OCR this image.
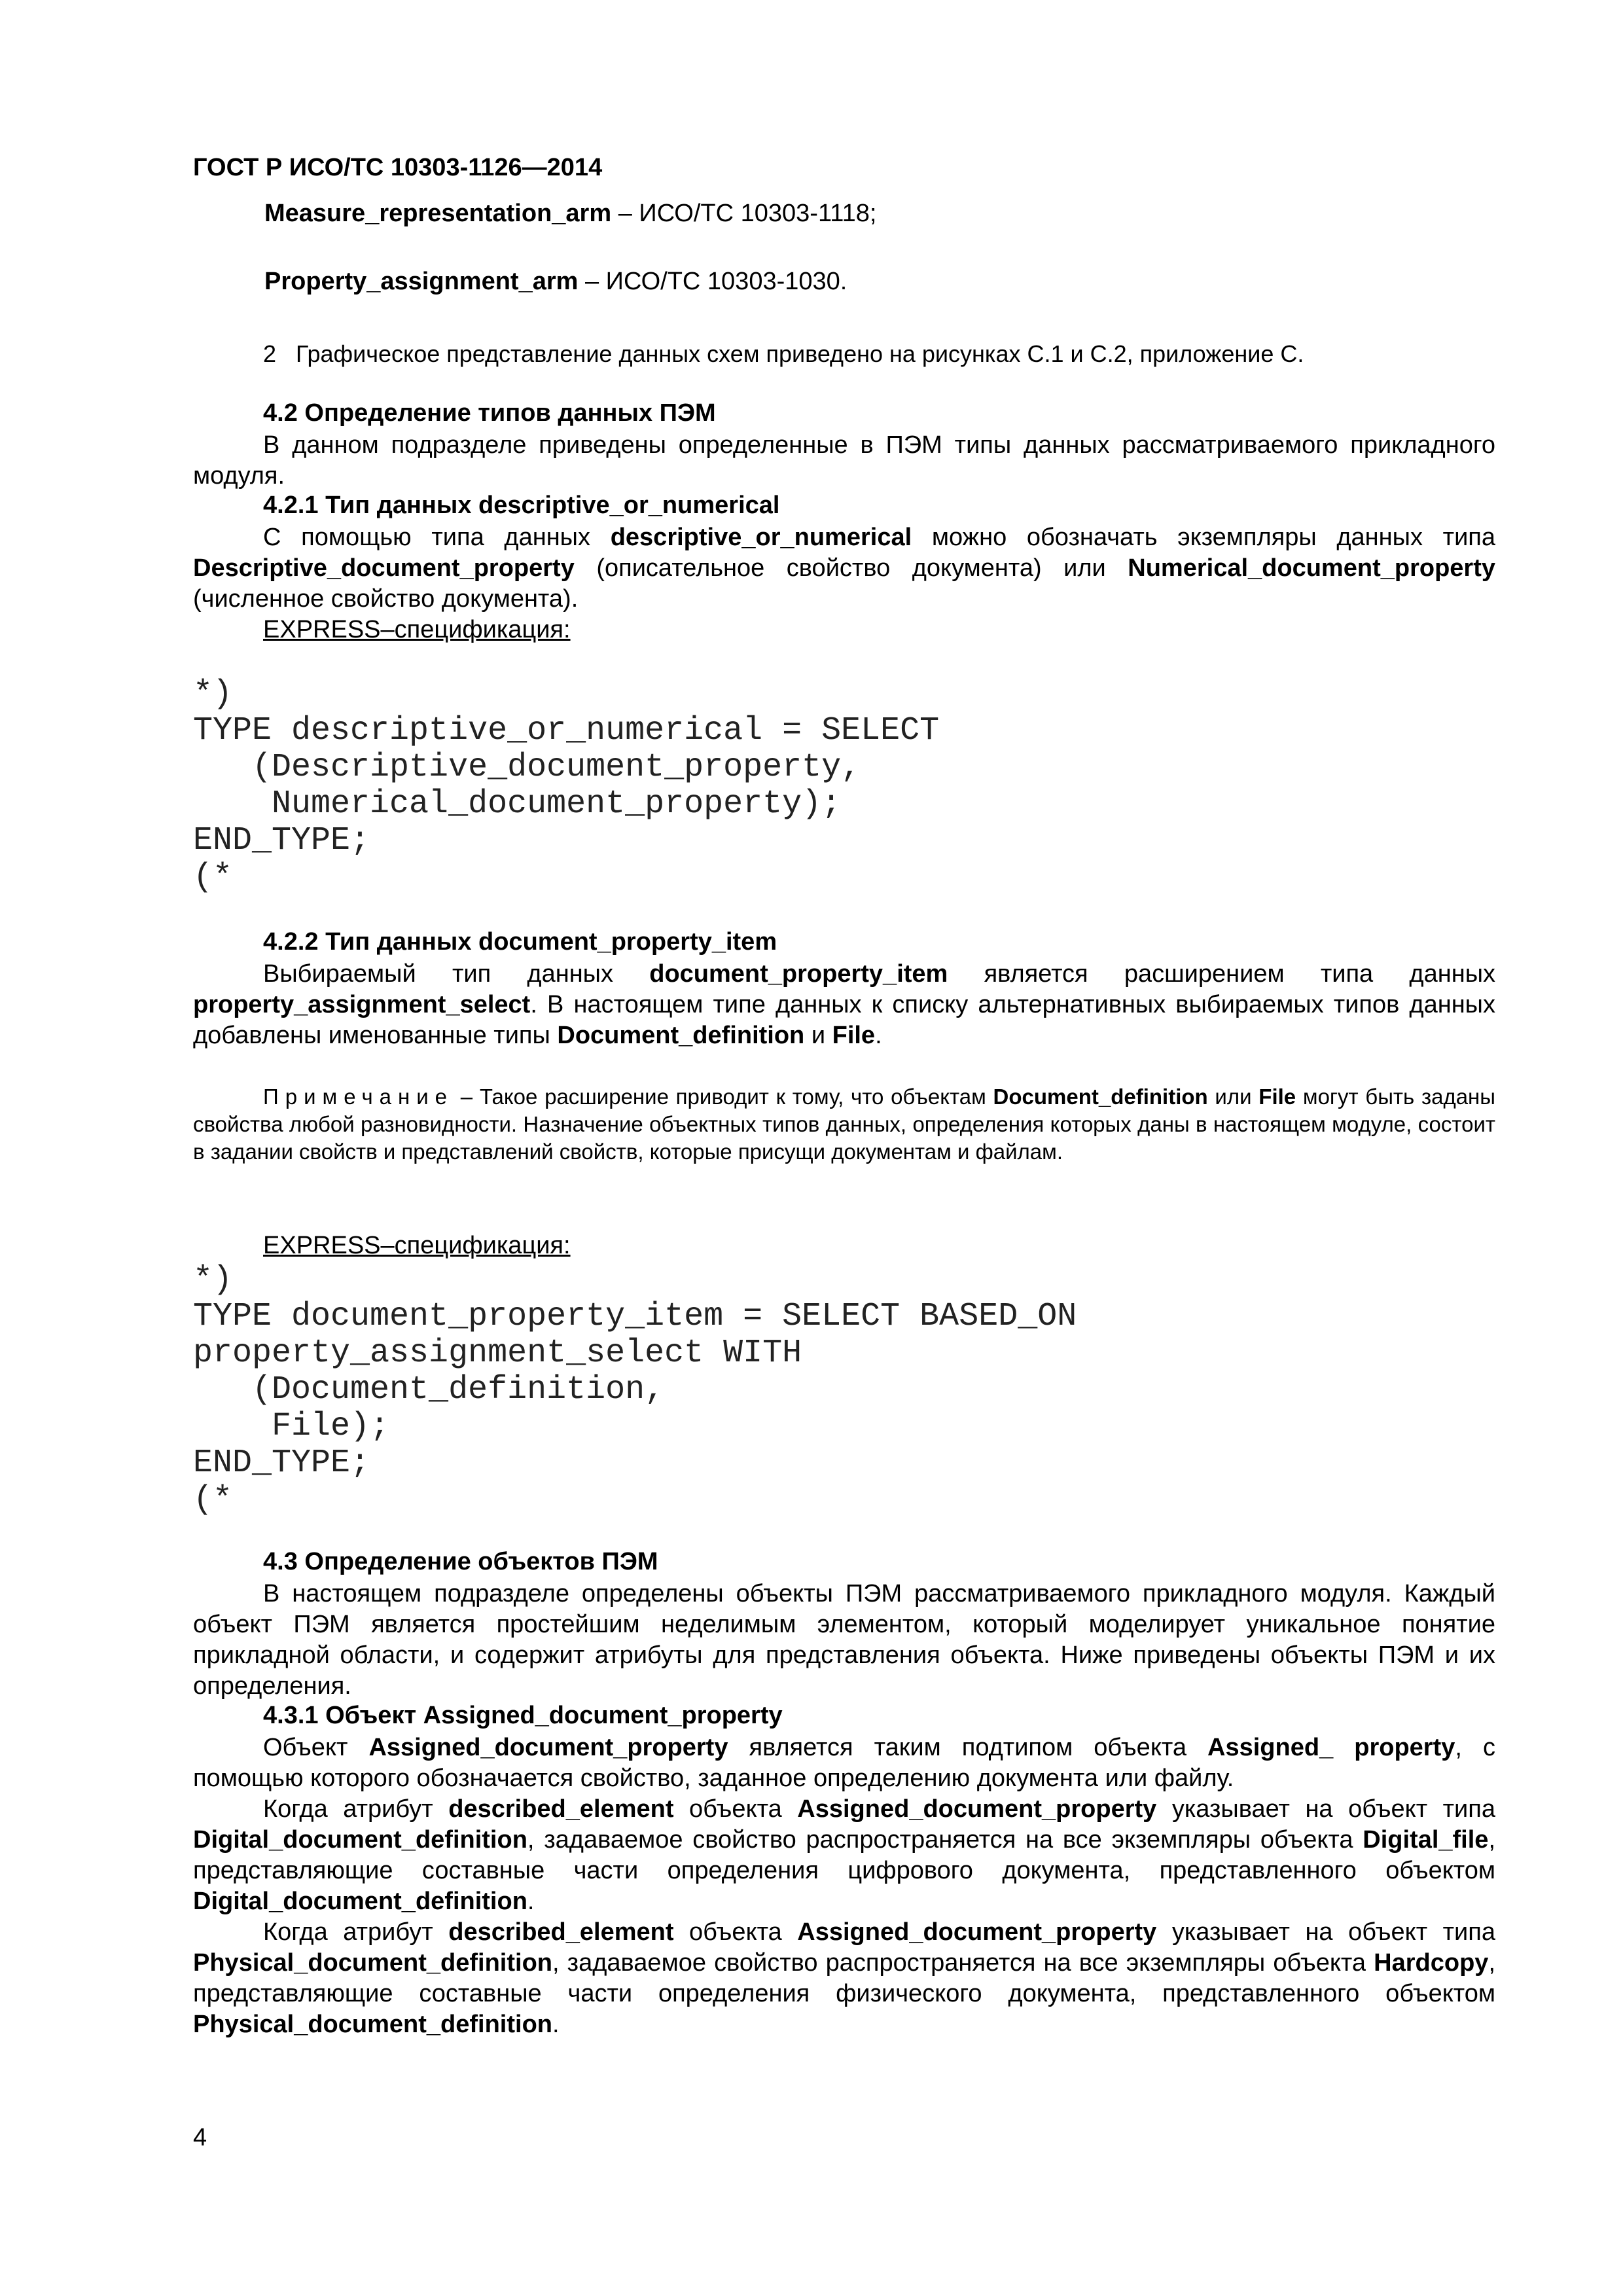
ГОСТ Р ИСО/ТС 10303-1126—2014
Measure_representation_arm – ИСО/ТС 10303-1118;
Property_assignment_arm – ИСО/ТС 10303-1030.
2   Графическое представление данных схем приведено на рисунках С.1 и С.2, приложение С.
4.2 Определение типов данных ПЭМ
В данном подразделе приведены определенные в ПЭМ типы данных рассматриваемого прикладного модуля.
4.2.1 Тип данных descriptive_or_numerical
С помощью типа данных descriptive_or_numerical можно обозначать экземпляры данных типа Descriptive_document_property (описательное свойство документа) или Numerical_document_property (численное свойство документа).
EXPRESS–спецификация:
*)
TYPE descriptive_or_numerical = SELECT
(Descriptive_document_property,
Numerical_document_property);
END_TYPE;
(*
4.2.2 Тип данных document_property_item
Выбираемый тип данных document_property_item является расширением типа данных property_assignment_select. В настоящем типе данных к списку альтернативных выбираемых типов данных добавлены именованные типы Document_definition и File.
Примечание – Такое расширение приводит к тому, что объектам Document_definition или File могут быть заданы свойства любой разновидности. Назначение объектных типов данных, определения которых даны в настоящем модуле, состоит в задании свойств и представлений свойств, которые присущи документам и файлам.
EXPRESS–спецификация:
*)
TYPE document_property_item = SELECT BASED_ON
property_assignment_select WITH
(Document_definition,
File);
END_TYPE;
(*
4.3 Определение объектов ПЭМ
В настоящем подразделе определены объекты ПЭМ рассматриваемого прикладного модуля. Каждый объект ПЭМ является простейшим неделимым элементом, который моделирует уникальное понятие прикладной области, и содержит атрибуты для представления объекта. Ниже приведены объекты ПЭМ и их определения.
4.3.1 Объект Assigned_document_property
Объект Assigned_document_property является таким подтипом объекта Assigned_ property, с помощью которого обозначается свойство, заданное определению документа или файлу.
Когда атрибут described_element объекта Assigned_document_property указывает на объект типа Digital_document_definition, задаваемое свойство распространяется на все экземпляры объекта Digital_file, представляющие составные части определения цифрового документа, представленного объектом Digital_document_definition.
Когда атрибут described_element объекта Assigned_document_property указывает на объект типа Physical_document_definition, задаваемое свойство распространяется на все экземпляры объекта Hardcopy, представляющие составные части определения физического документа, представленного объектом Physical_document_definition.
4
